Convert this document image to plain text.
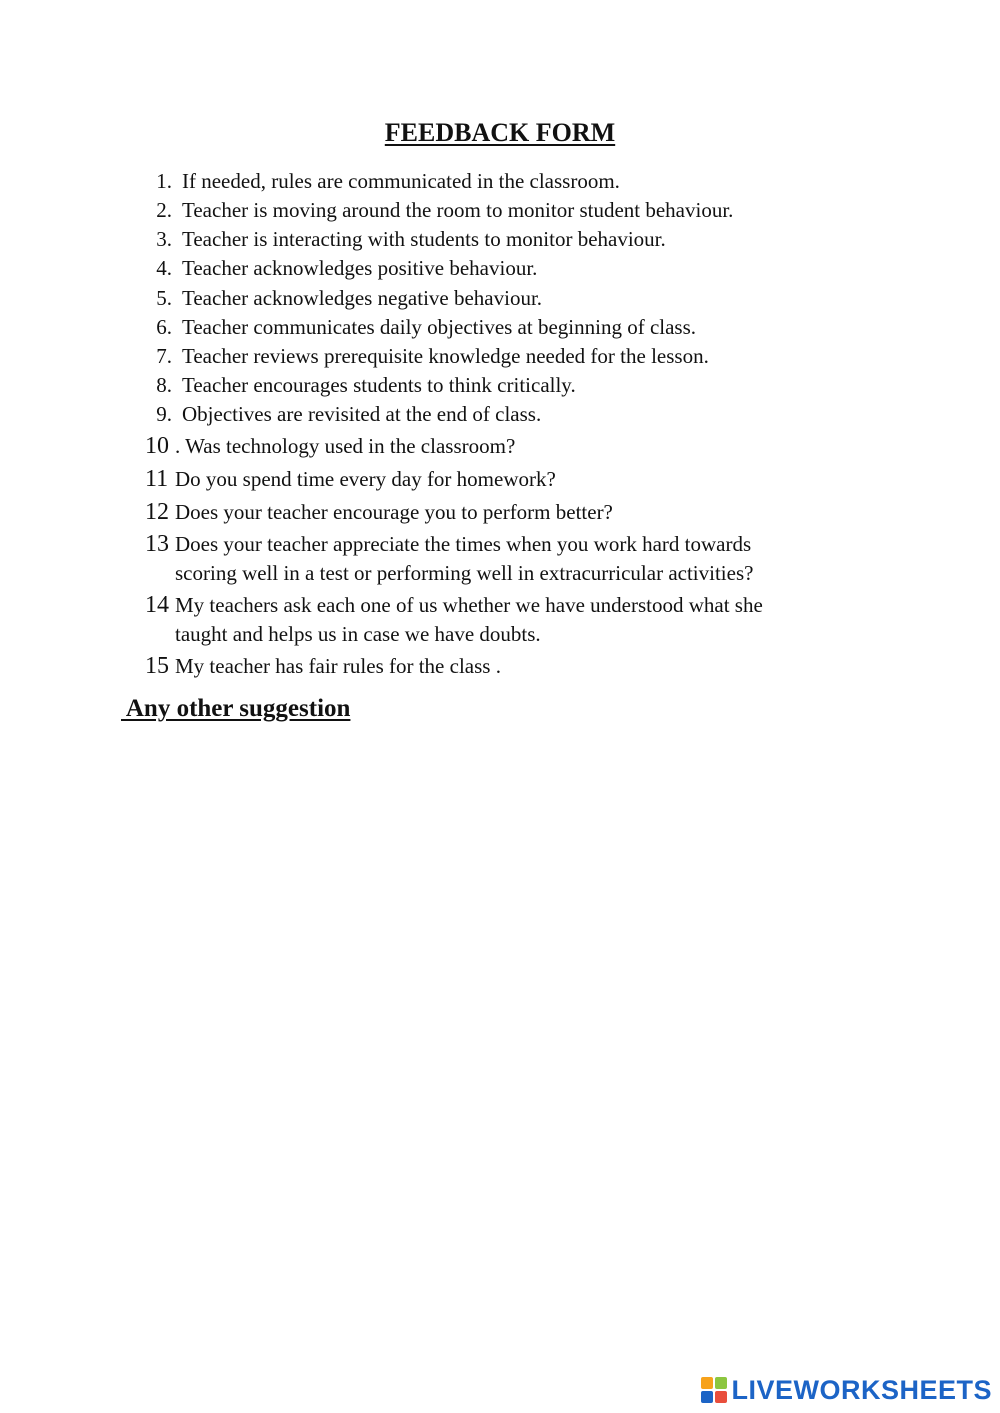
FEEDBACK FORM
1. If needed, rules are communicated in the classroom.
2. Teacher is moving around the room to monitor student behaviour.
3. Teacher is interacting with students to monitor behaviour.
4. Teacher acknowledges positive behaviour.
5. Teacher acknowledges negative behaviour.
6. Teacher communicates daily objectives at beginning of class.
7. Teacher reviews prerequisite knowledge needed for the lesson.
8. Teacher encourages students to think critically.
9. Objectives are revisited at the end of class.
10 . Was technology used in the classroom?
11 Do you spend time every day for homework?
12 Does your teacher encourage you to perform better?
13 Does your teacher appreciate the times when you work hard towards
scoring well in a test or performing well in extracurricular activities?
14 My teachers ask each one of us whether we have understood what she
taught and helps us in case we have doubts.
15 My teacher has fair rules for the class .
Any other suggestion
LIVEWORKSHEETS
